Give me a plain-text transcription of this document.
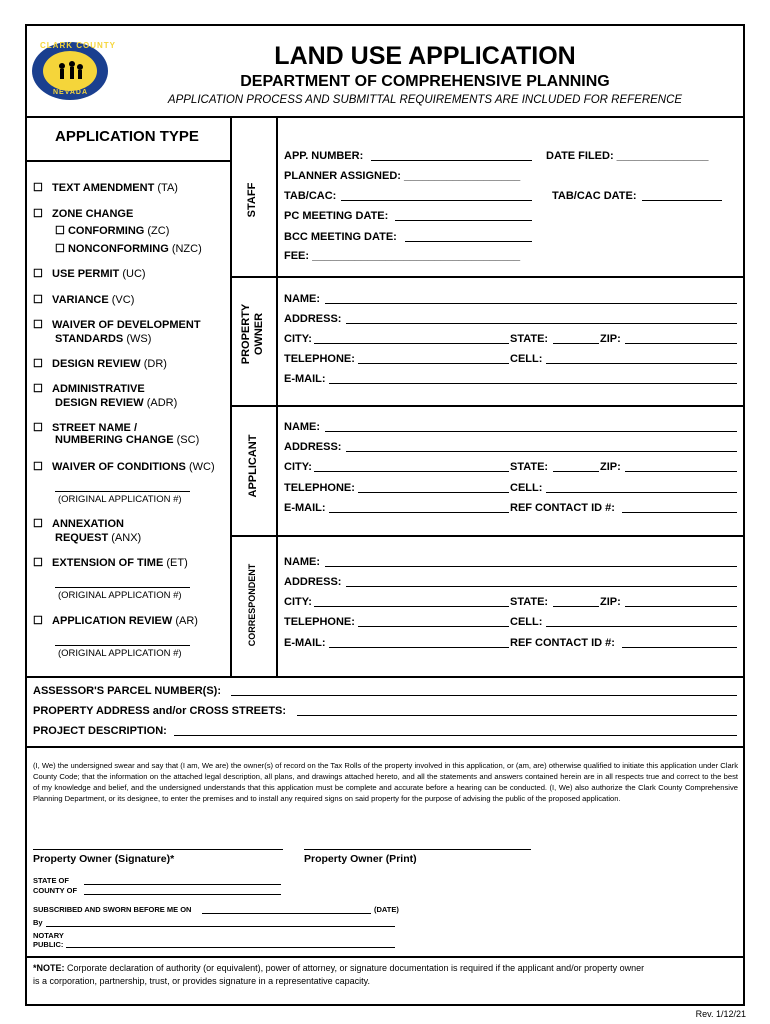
CLARK COUNTY
NEVADA
LAND USE APPLICATION
DEPARTMENT OF COMPREHENSIVE PLANNING
APPLICATION PROCESS AND SUBMITTAL REQUIREMENTS ARE INCLUDED FOR REFERENCE
APPLICATION TYPE
☐ TEXT AMENDMENT (TA)
☐ ZONE CHANGE
☐ CONFORMING (ZC)
☐ NONCONFORMING (NZC)
☐ USE PERMIT (UC)
☐ VARIANCE (VC)
☐ WAIVER OF DEVELOPMENT
STANDARDS (WS)
☐ DESIGN REVIEW (DR)
☐ ADMINISTRATIVE
DESIGN REVIEW (ADR)
☐ STREET NAME /
NUMBERING CHANGE (SC)
☐ WAIVER OF CONDITIONS (WC)
(ORIGINAL APPLICATION #)
☐ ANNEXATION
REQUEST (ANX)
☐ EXTENSION OF TIME (ET)
(ORIGINAL APPLICATION #)
☐ APPLICATION REVIEW (AR)
(ORIGINAL APPLICATION #)
STAFF
PROPERTY
OWNER
APPLICANT
CORRESPONDENT
APP. NUMBER:	DATE FILED: _______________
PLANNER ASSIGNED: ___________________
TAB/CAC:	TAB/CAC DATE:
PC MEETING DATE:
BCC MEETING DATE:
FEE: __________________________________
NAME:
ADDRESS:
CITY:	STATE:	ZIP:
TELEPHONE:	CELL:
E-MAIL:
NAME:
ADDRESS:
CITY:	STATE:	ZIP:
TELEPHONE:	CELL:
E-MAIL:	REF CONTACT ID #:
NAME:
ADDRESS:
CITY:	STATE:	ZIP:
TELEPHONE:	CELL:
E-MAIL:	REF CONTACT ID #:
ASSESSOR'S PARCEL NUMBER(S):
PROPERTY ADDRESS and/or CROSS STREETS:
PROJECT DESCRIPTION:
(I, We) the undersigned swear and say that (I am, We are) the owner(s) of record on the Tax Rolls of the property involved in this application, or (am, are) otherwise qualified to initiate this application under Clark County Code; that the information on the attached legal description, all plans, and drawings attached hereto, and all the statements and answers contained herein are in all respects true and correct to the best of my knowledge and belief, and the undersigned understands that this application must be complete and accurate before a hearing can be conducted. (I, We) also authorize the Clark County Comprehensive Planning Department, or its designee, to enter the premises and to install any required signs on said property for the purpose of advising the public of the proposed application.
Property Owner (Signature)*	Property Owner (Print)
STATE OF
COUNTY OF
SUBSCRIBED AND SWORN BEFORE ME ON	(DATE)
By
NOTARY
PUBLIC:
*NOTE: Corporate declaration of authority (or equivalent), power of attorney, or signature documentation is required if the applicant and/or property owner
is a corporation, partnership, trust, or provides signature in a representative capacity.
Rev. 1/12/21
